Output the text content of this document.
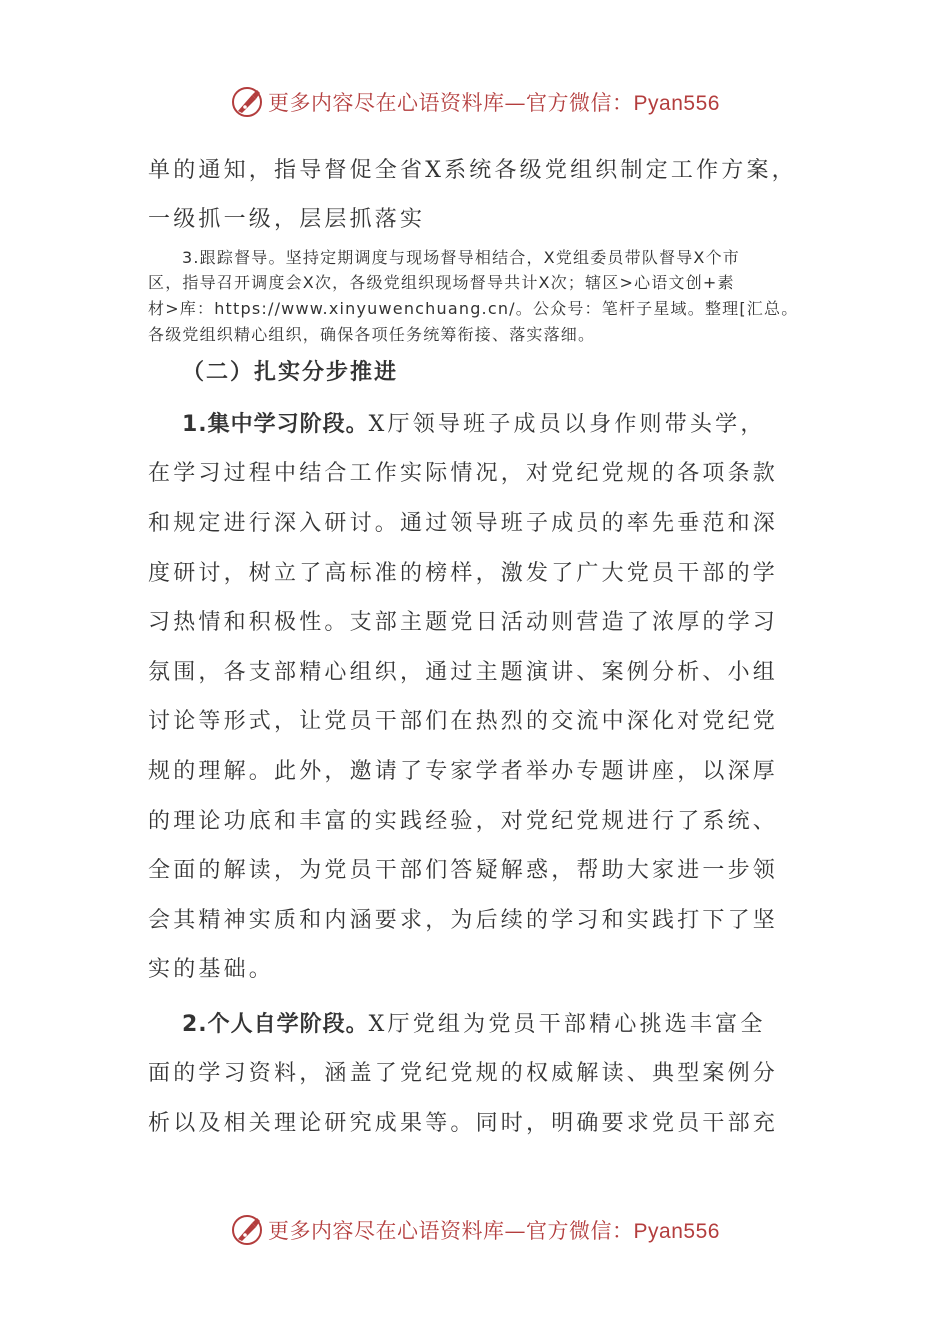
更多内容尽在心语资料库—官方微信：Pyan556
单的通知，指导督促全省X系统各级党组织制定工作方案，
一级抓一级，层层抓落实
3.跟踪督导。坚持定期调度与现场督导相结合，X党组委员带队督导X个市
区，指导召开调度会X次，各级党组织现场督导共计X次；辖区>心语文创+素
材>库：https://www.xinyuwenchuang.cn/。公众号：笔杆子星域。整理[汇总。
各级党组织精心组织，确保各项任务统筹衔接、落实落细。
（二）扎实分步推进
1.集中学习阶段。X厅领导班子成员以身作则带头学，
在学习过程中结合工作实际情况，对党纪党规的各项条款
和规定进行深入研讨。通过领导班子成员的率先垂范和深
度研讨，树立了高标准的榜样，激发了广大党员干部的学
习热情和积极性。支部主题党日活动则营造了浓厚的学习
氛围，各支部精心组织，通过主题演讲、案例分析、小组
讨论等形式，让党员干部们在热烈的交流中深化对党纪党
规的理解。此外，邀请了专家学者举办专题讲座，以深厚
的理论功底和丰富的实践经验，对党纪党规进行了系统、
全面的解读，为党员干部们答疑解惑，帮助大家进一步领
会其精神实质和内涵要求，为后续的学习和实践打下了坚
实的基础。
2.个人自学阶段。X厅党组为党员干部精心挑选丰富全
面的学习资料，涵盖了党纪党规的权威解读、典型案例分
析以及相关理论研究成果等。同时，明确要求党员干部充
更多内容尽在心语资料库—官方微信：Pyan556
